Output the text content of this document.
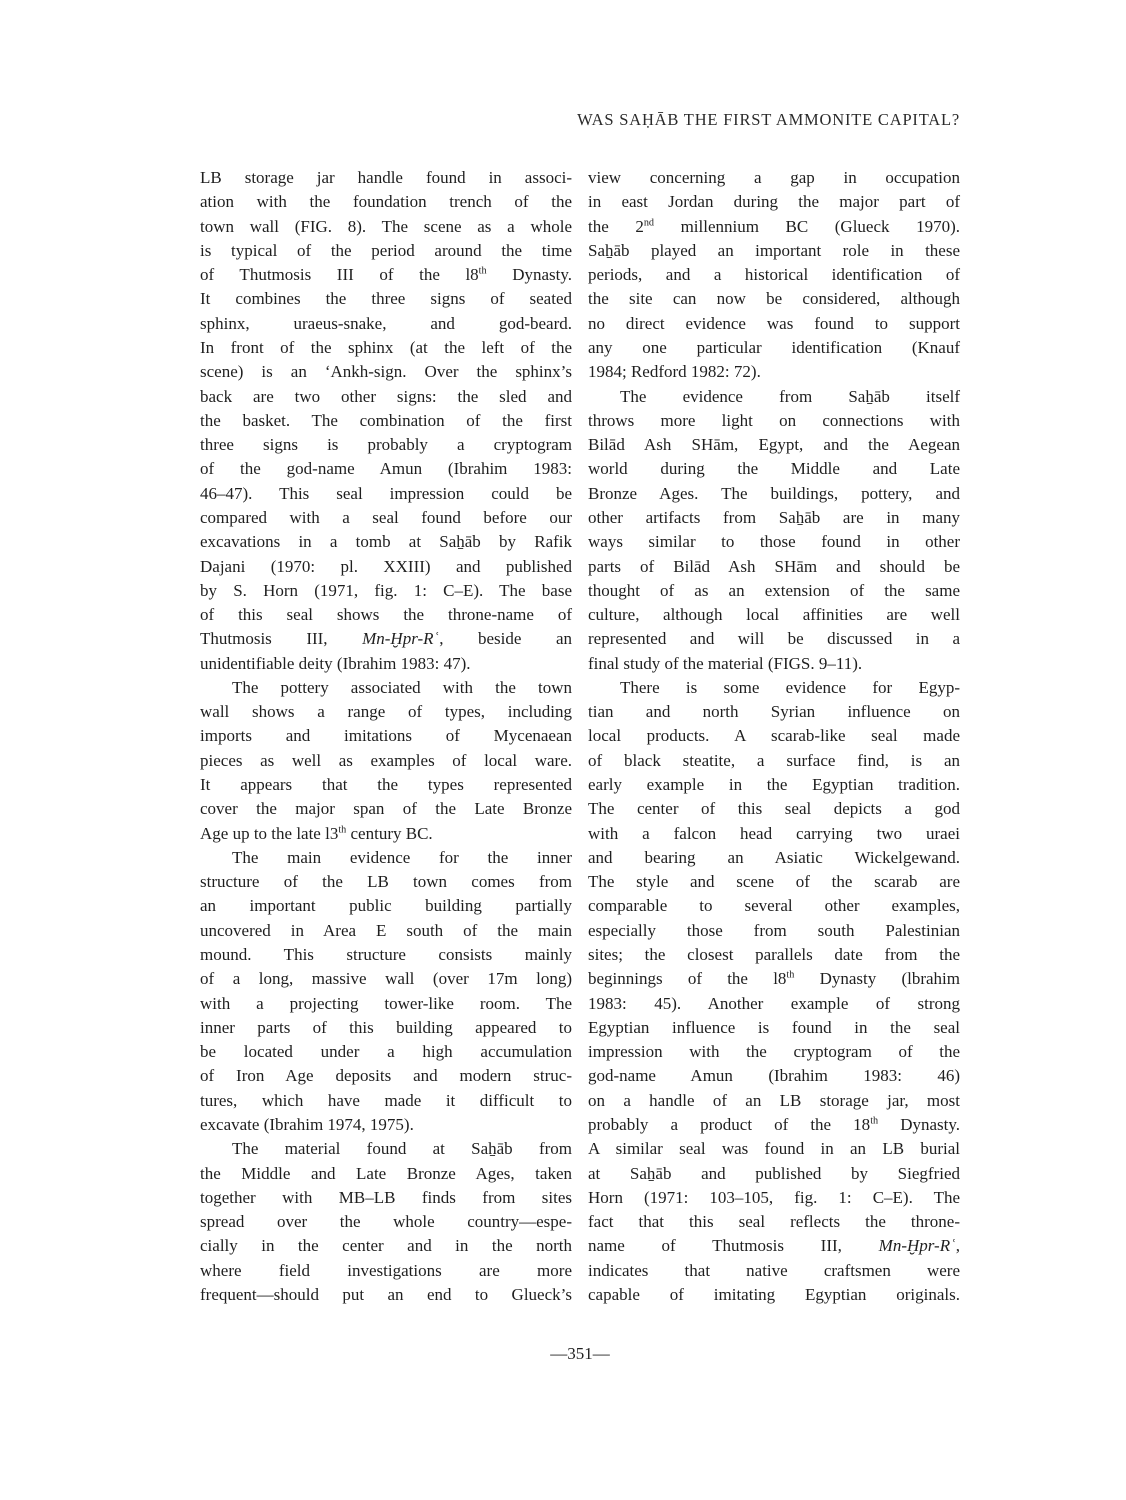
WAS SAḤĀB THE FIRST AMMONITE CAPITAL?
LB storage jar handle found in associ-
ation with the foundation trench of the
town wall (FIG. 8). The scene as a whole
is typical of the period around the time
of Thutmosis III of the l8th Dynasty.
It combines the three signs of seated
sphinx, uraeus-snake, and god-beard.
In front of the sphinx (at the left of the
scene) is an ‘Ankh-sign. Over the sphinx’s
back are two other signs: the sled and
the basket. The combination of the first
three signs is probably a cryptogram
of the god-name Amun (Ibrahim 1983:
46–47). This seal impression could be
compared with a seal found before our
excavations in a tomb at Saẖāb by Rafik
Dajani (1970: pl. XXIII) and published
by S. Horn (1971, fig. 1: C–E). The base
of this seal shows the throne-name of
Thutmosis III, Mn-Ḫpr-Rʿ, beside an
unidentifiable deity (Ibrahim 1983: 47).
The pottery associated with the town
wall shows a range of types, including
imports and imitations of Mycenaean
pieces as well as examples of local ware.
It appears that the types represented
cover the major span of the Late Bronze
Age up to the late l3th century BC.
The main evidence for the inner
structure of the LB town comes from
an important public building partially
uncovered in Area E south of the main
mound. This structure consists mainly
of a long, massive wall (over 17m long)
with a projecting tower-like room. The
inner parts of this building appeared to
be located under a high accumulation
of Iron Age deposits and modern struc-
tures, which have made it difficult to
excavate (Ibrahim 1974, 1975).
The material found at Saẖāb from
the Middle and Late Bronze Ages, taken
together with MB–LB finds from sites
spread over the whole country—espe-
cially in the center and in the north
where field investigations are more
frequent—should put an end to Glueck’s
view concerning a gap in occupation
in east Jordan during the major part of
the 2nd millennium BC (Glueck 1970).
Saẖāb played an important role in these
periods, and a historical identification of
the site can now be considered, although
no direct evidence was found to support
any one particular identification (Knauf
1984; Redford 1982: 72).
The evidence from Saẖāb itself
throws more light on connections with
Bilād Ash SHām, Egypt, and the Aegean
world during the Middle and Late
Bronze Ages. The buildings, pottery, and
other artifacts from Saẖāb are in many
ways similar to those found in other
parts of Bilād Ash SHām and should be
thought of as an extension of the same
culture, although local affinities are well
represented and will be discussed in a
final study of the material (FIGS. 9–11).
There is some evidence for Egyp-
tian and north Syrian influence on
local products. A scarab-like seal made
of black steatite, a surface find, is an
early example in the Egyptian tradition.
The center of this seal depicts a god
with a falcon head carrying two uraei
and bearing an Asiatic Wickelgewand.
The style and scene of the scarab are
comparable to several other examples,
especially those from south Palestinian
sites; the closest parallels date from the
beginnings of the l8th Dynasty (lbrahim
1983: 45). Another example of strong
Egyptian influence is found in the seal
impression with the cryptogram of the
god-name Amun (Ibrahim 1983: 46)
on a handle of an LB storage jar, most
probably a product of the 18th Dynasty.
A similar seal was found in an LB burial
at Saẖāb and published by Siegfried
Horn (1971: 103–105, fig. 1: C–E). The
fact that this seal reflects the throne-
name of Thutmosis III, Mn-Ḫpr-Rʿ,
indicates that native craftsmen were
capable of imitating Egyptian originals.
—351—
